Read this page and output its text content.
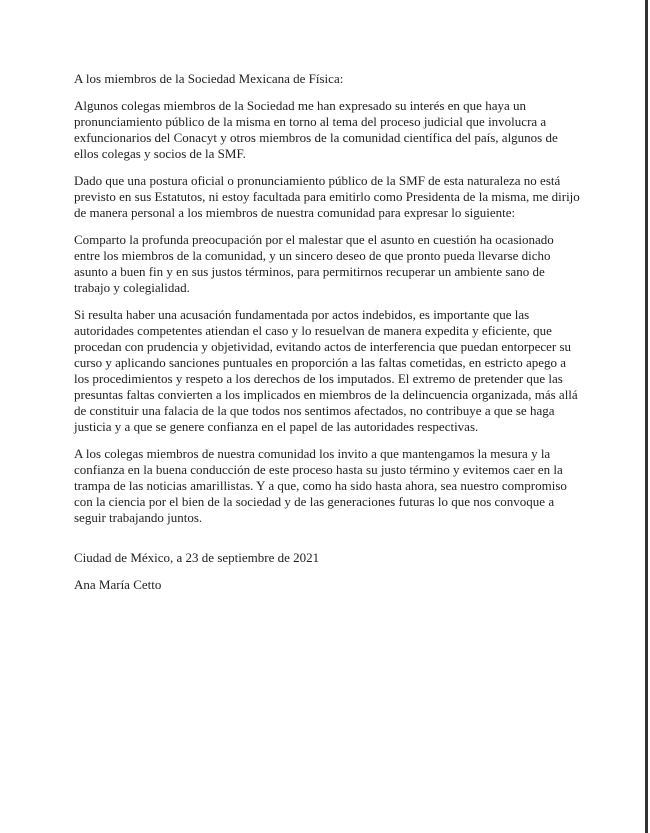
A los miembros de la Sociedad Mexicana de Física:

Algunos colegas miembros de la Sociedad me han expresado su interés en que haya un pronunciamiento público de la misma en torno al tema del proceso judicial que involucra a exfuncionarios del Conacyt y otros miembros de la comunidad científica del país, algunos de ellos colegas y socios de la SMF.

Dado que una postura oficial o pronunciamiento público de la SMF de esta naturaleza no está previsto en sus Estatutos, ni estoy facultada para emitirlo como Presidenta de la misma, me dirijo de manera personal a los miembros de nuestra comunidad para expresar lo siguiente:

Comparto la profunda preocupación por el malestar que el asunto en cuestión ha ocasionado entre los miembros de la comunidad, y un sincero deseo de que pronto pueda llevarse dicho asunto a buen fin y en sus justos términos, para permitirnos recuperar un ambiente sano de trabajo y colegialidad.

Si resulta haber una acusación fundamentada por actos indebidos, es importante que las autoridades competentes atiendan el caso y lo resuelvan de manera expedita y eficiente, que procedan con prudencia y objetividad, evitando actos de interferencia que puedan entorpecer su curso y aplicando sanciones puntuales en proporción a las faltas cometidas, en estricto apego a los procedimientos y respeto a los derechos de los imputados. El extremo de pretender que las presuntas faltas convierten a los implicados en miembros de la delincuencia organizada, más allá de constituir una falacia de la que todos nos sentimos afectados, no contribuye a que se haga justicia y a que se genere confianza en el papel de las autoridades respectivas.

A los colegas miembros de nuestra comunidad los invito a que mantengamos la mesura y la confianza en la buena conducción de este proceso hasta su justo término y evitemos caer en la trampa de las noticias amarillistas. Y a que, como ha sido hasta ahora, sea nuestro compromiso con la ciencia por el bien de la sociedad y de las generaciones futuras lo que nos convoque a seguir trabajando juntos.

Ciudad de México, a 23 de septiembre de 2021

Ana María Cetto
